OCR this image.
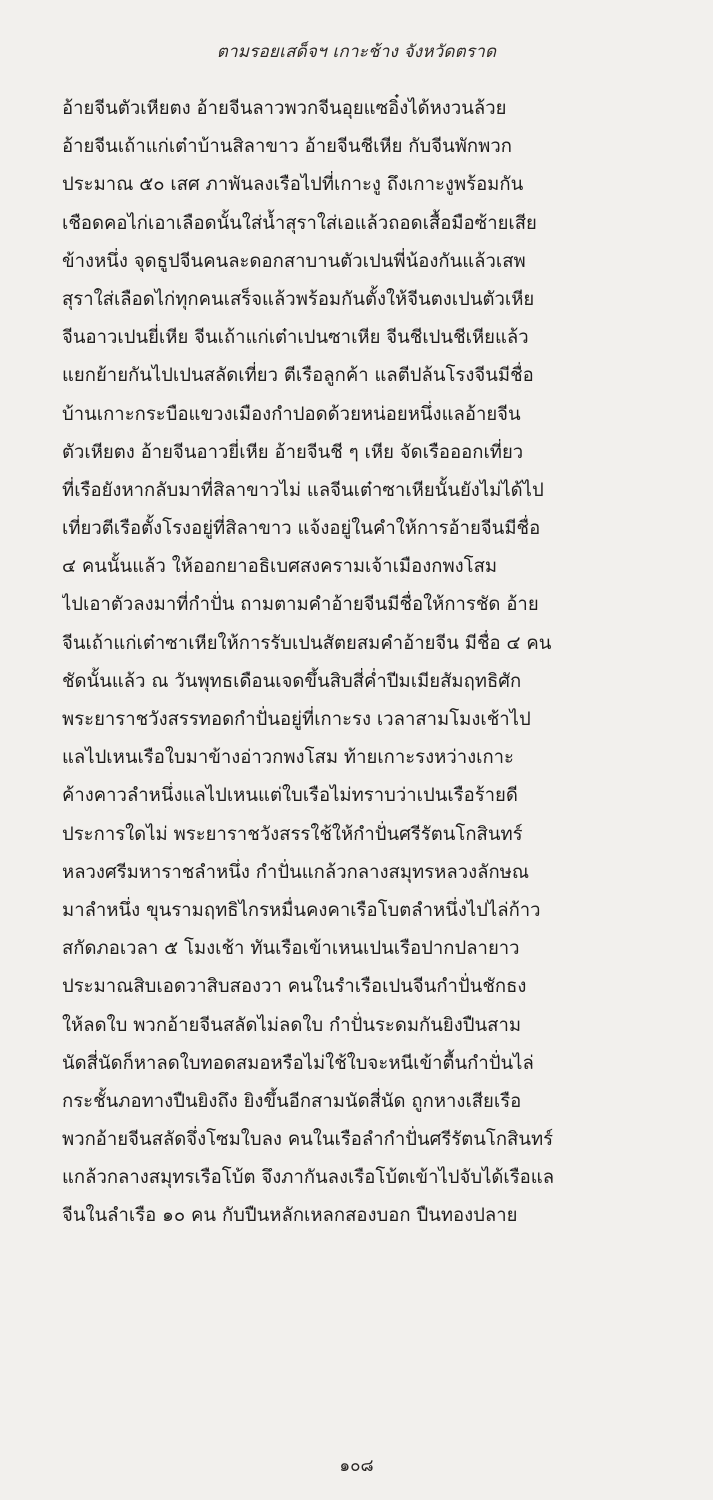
ตามรอยเสด็จฯ เกาะช้าง จังหวัดตราด
อ้ายจีนตัวเหียตง อ้ายจีนลาวพวกจีนอุยแซอิ๋งได้หงวนล้วย
อ้ายจีนเถ้าแก่เต๋าบ้านสิลาขาว อ้ายจีนชีเหีย กับจีนพักพวก
ประมาณ ๕๐ เสศ ภาพันลงเรือไปที่เกาะงู ถึงเกาะงูพร้อมกัน
เชือดคอไก่เอาเลือดนั้นใส่น้ำสุราใส่เอแล้วถอดเสื้อมือซ้ายเสีย
ข้างหนึ่ง จุดธูปจีนคนละดอกสาบานตัวเปนพี่น้องกันแล้วเสพ
สุราใส่เลือดไก่ทุกคนเสร็จแล้วพร้อมกันตั้งให้จีนตงเปนตัวเหีย
จีนอาวเปนยี่เหีย จีนเถ้าแก่เต๋าเปนซาเหีย จีนชีเปนชีเหียแล้ว
แยกย้ายกันไปเปนสลัดเที่ยว ตีเรือลูกค้า แลตีปล้นโรงจีนมีชื่อ
บ้านเกาะกระบือแขวงเมืองกำปอดด้วยหน่อยหนึ่งแลอ้ายจีน
ตัวเหียตง อ้ายจีนอาวยี่เหีย อ้ายจีนชี ๆ เหีย จัดเรือออกเที่ยว
ที่เรือยังหากลับมาที่สิลาขาวไม่ แลจีนเต๋าซาเหียนั้นยังไม่ได้ไป
เที่ยวตีเรือตั้งโรงอยู่ที่สิลาขาว แจ้งอยู่ในคำให้การอ้ายจีนมีชื่อ
๔ คนนั้นแล้ว ให้ออกยาอธิเบศสงครามเจ้าเมืองกพงโสม
ไปเอาตัวลงมาที่กำปั่น ถามตามคำอ้ายจีนมีชื่อให้การชัด อ้าย
จีนเถ้าแก่เต๋าซาเหียให้การรับเปนสัตยสมคำอ้ายจีน มีชื่อ ๔ คน
ชัดนั้นแล้ว ณ วันพุทธเดือนเจดขึ้นสิบสี่ค่ำปีมเมียสัมฤทธิศัก
พระยาราชวังสรรทอดกำปั่นอยู่ที่เกาะรง เวลาสามโมงเช้าไป
แลไปเหนเรือใบมาข้างอ่าวกพงโสม ท้ายเกาะรงหว่างเกาะ
ค้างคาวลำหนึ่งแลไปเหนแต่ใบเรือไม่ทราบว่าเปนเรือร้ายดี
ประการใดไม่ พระยาราชวังสรรใช้ให้กำปั่นศรีรัตนโกสินทร์
หลวงศรีมหาราชลำหนึ่ง กำปั่นแกล้วกลางสมุทรหลวงลักษณ
มาลำหนึ่ง ขุนรามฤทธิไกรหมื่นคงคาเรือโบตลำหนึ่งไปไล่ก้าว
สกัดภอเวลา ๕ โมงเช้า ทันเรือเข้าเหนเปนเรือปากปลายาว
ประมาณสิบเอดวาสิบสองวา คนในรำเรือเปนจีนกำปั่นชักธง
ให้ลดใบ พวกอ้ายจีนสลัดไม่ลดใบ กำปั่นระดมกันยิงปืนสาม
นัดสี่นัดก็หาลดใบทอดสมอหรือไม่ใช้ใบจะหนีเข้าตื้นกำปั่นไล่
กระชั้นภอทางปืนยิงถึง ยิงขึ้นอีกสามนัดสี่นัด ถูกหางเสียเรือ
พวกอ้ายจีนสลัดจึ่งโซมใบลง คนในเรือลำกำปั่นศรีรัตนโกสินทร์
แกล้วกลางสมุทรเรือโบ้ต จึงภากันลงเรือโบ้ตเข้าไปจับได้เรือแล
จีนในลำเรือ ๑๐ คน กับปืนหลักเหลกสองบอก ปืนทองปลาย
๑๐๘
